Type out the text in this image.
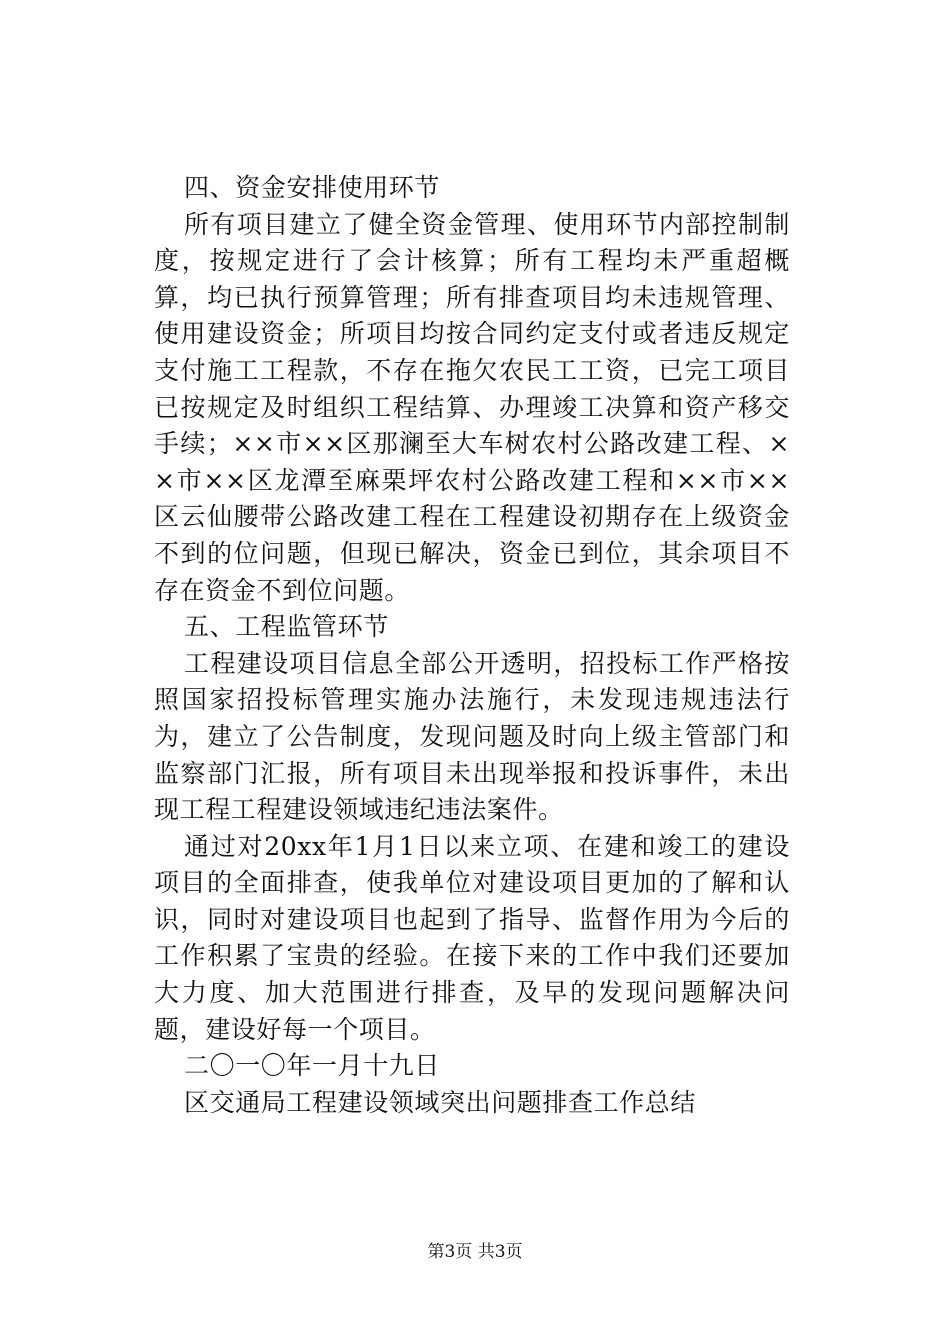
四、资金安排使用环节

所有项目建立了健全资金管理、使用环节内部控制制度，按规定进行了会计核算；所有工程均未严重超概算，均已执行预算管理；所有排查项目均未违规管理、使用建设资金；所项目均按合同约定支付或者违反规定支付施工工程款，不存在拖欠农民工工资，已完工项目已按规定及时组织工程结算、办理竣工决算和资产移交手续；××市××区那澜至大车树农村公路改建工程、××市××区龙潭至麻栗坪农村公路改建工程和××市××区云仙腰带公路改建工程在工程建设初期存在上级资金不到的位问题，但现已解决，资金已到位，其余项目不存在资金不到位问题。

五、工程监管环节

工程建设项目信息全部公开透明，招投标工作严格按照国家招投标管理实施办法施行，未发现违规违法行为，建立了公告制度，发现问题及时向上级主管部门和监察部门汇报，所有项目未出现举报和投诉事件，未出现工程工程建设领域违纪违法案件。

通过对20xx年1月1日以来立项、在建和竣工的建设项目的全面排查，使我单位对建设项目更加的了解和认识，同时对建设项目也起到了指导、监督作用为今后的工作积累了宝贵的经验。在接下来的工作中我们还要加大力度、加大范围进行排查，及早的发现问题解决问题，建设好每一个项目。

二〇一〇年一月十九日

区交通局工程建设领域突出问题排查工作总结

第3页 共3页
